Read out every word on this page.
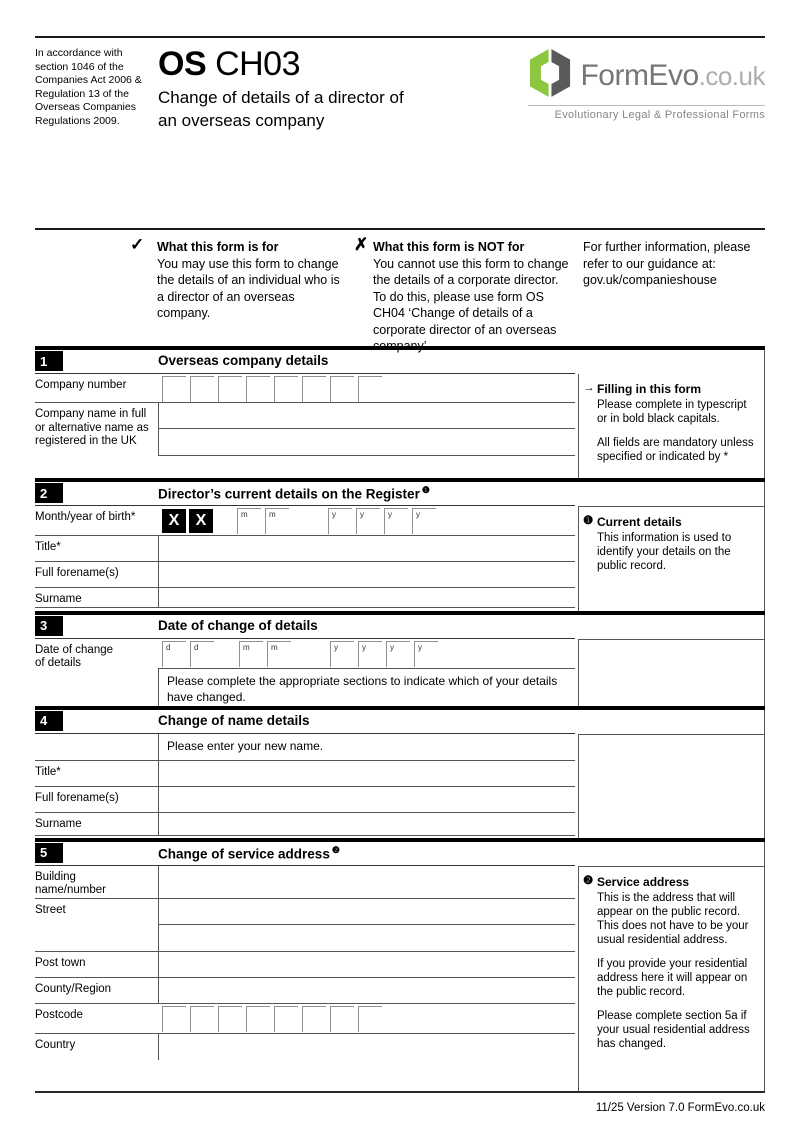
In accordance with section 1046 of the Companies Act 2006 & Regulation 13 of the Overseas Companies Regulations 2009.
OS CH03
Change of details of a director of
an overseas company
FormEvo.co.uk
Evolutionary Legal & Professional Forms
✓ What this form is for
You may use this form to change the details of an individual who is a director of an overseas company.
✗ What this form is NOT for
You cannot use this form to change the details of a corporate director. To do this, please use form OS CH04 ‘Change of details of a corporate director of an overseas company’.
For further information, please refer to our guidance at: gov.uk/companieshouse
1	Overseas company details
Company number
Company name in full or alternative name as registered in the UK
→ Filling in this form

Please complete in typescript or in bold black capitals.

All fields are mandatory unless specified or indicated by *

2	Director’s current details on the Register $^❶$
Month/year of birth*	X	X	m	m	y	y	y	y
Title*
Full forename(s)
Surname
❶ Current details

This information is used to identify your details on the public record.

3	Date of change of details
Date of change
of details
d	d	m	m	y	y	y	y
Please complete the appropriate sections to indicate which of your details have changed.
4	Change of name details
Please enter your new name.
Title*
Full forename(s)
Surname
5	Change of service address $^❷$
Building name/number
Street
Post town
County/Region
Postcode
Country
❷ Service address

This is the address that will appear on the public record. This does not have to be your usual residential address.

If you provide your residential address here it will appear on the public record.

Please complete section 5a if your usual residential address has changed.

11/25 Version 7.0 FormEvo.co.uk
